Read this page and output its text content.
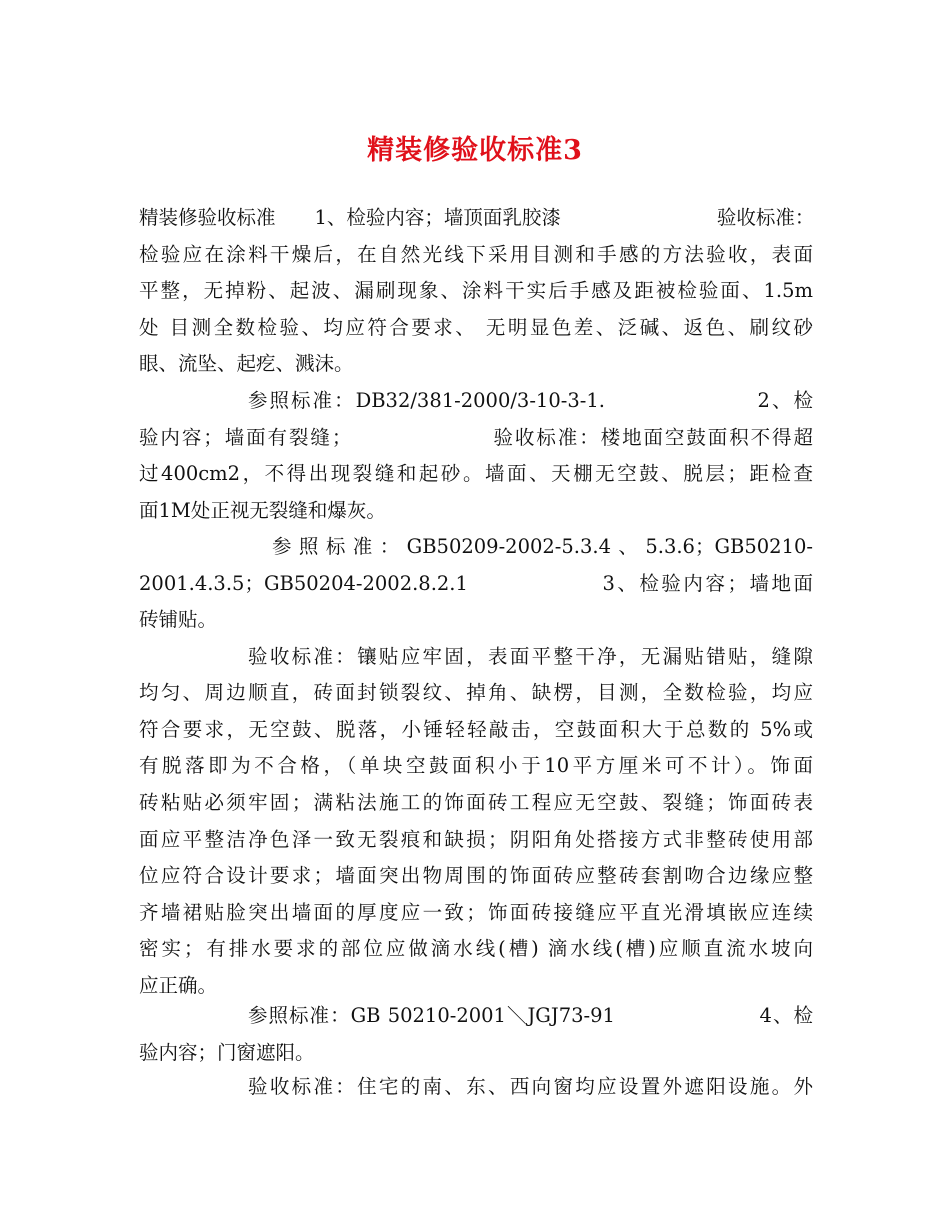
精装修验收标准3
精装修验收标准　　1、检验内容；墙顶面乳胶漆　　　　　　　　验收标准：
检验应在涂料干燥后，在自然光线下采用目测和手感的方法验收，表面
平整，无掉粉、起波、漏刷现象、涂料干实后手感及距被检验面、1.5m
处 目测全数检验、均应符合要求、 无明显色差、泛碱、返色、刷纹砂
眼、流坠、起疙、溅沫。
参照标准：DB32/381-2000/3-10-3-1.　　　　　　　2、检
验内容；墙面有裂缝；　　　　　　　验收标准：楼地面空鼓面积不得超
过400cm2，不得出现裂缝和起砂。墙面、天棚无空鼓、脱层；距检查
面1M处正视无裂缝和爆灰。
参照标准：GB50209-2002-5.3.4、5.3.6；GB50210-
2001.4.3.5；GB50204-2002.8.2.1　　　　　　3、检验内容；墙地面
砖铺贴。
验收标准：镶贴应牢固，表面平整干净，无漏贴错贴，缝隙
均匀、周边顺直，砖面封锁裂纹、掉角、缺楞，目测，全数检验，均应
符合要求，无空鼓、脱落，小锤轻轻敲击，空鼓面积大于总数的 5%或
有脱落即为不合格，（单块空鼓面积小于10平方厘米可不计）。饰面
砖粘贴必须牢固；满粘法施工的饰面砖工程应无空鼓、裂缝；饰面砖表
面应平整洁净色泽一致无裂痕和缺损；阴阳角处搭接方式非整砖使用部
位应符合设计要求；墙面突出物周围的饰面砖应整砖套割吻合边缘应整
齐墙裙贴脸突出墙面的厚度应一致；饰面砖接缝应平直光滑填嵌应连续
密实；有排水要求的部位应做滴水线(槽) 滴水线(槽)应顺直流水坡向
应正确。
参照标准：GB 50210-2001＼JGJ73-91　　　　　　　4、检
验内容；门窗遮阳。
验收标准：住宅的南、东、西向窗均应设置外遮阳设施。外
